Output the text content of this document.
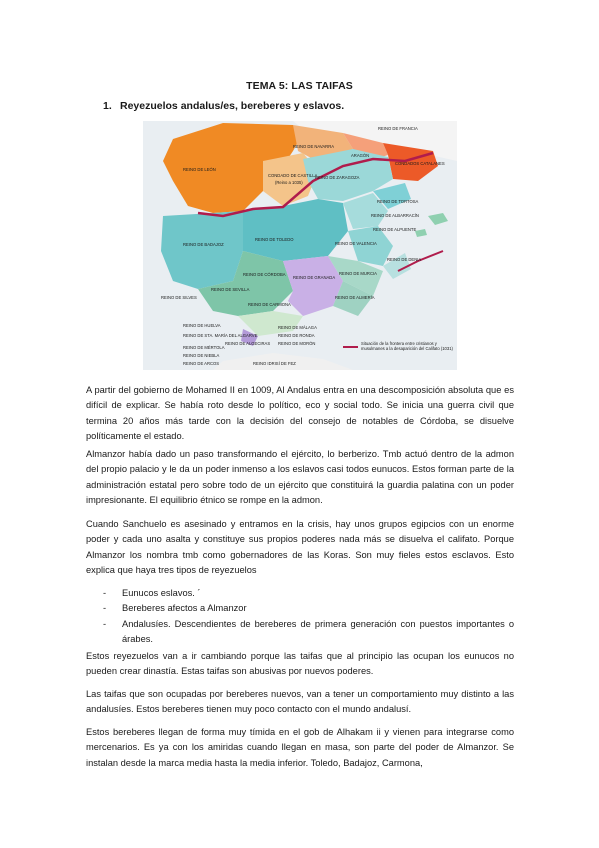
TEMA 5: LAS TAIFAS
1. Reyezuelos andalus/es, bereberes y eslavos.
REINO DE FRANCIA
REINO DE NAVARRA
ARAGÓN
CONDADOS CATALANES
REINO DE LEÓN
CONDADO DE CASTILLA
(Reino a 1035)
REINO DE ZARAGOZA
REINO DE TORTOSA
REINO DE ALBARRACÍN
REINO DE ALPUENTE
REINO DE BADAJOZ
REINO DE TOLEDO
REINO DE VALENCIA
REINO DE DENIA
REINO DE CÓRDOBA
REINO DE SEVILLA
REINO DE CARMONA
REINO DE GRANADA
REINO DE MURCIA
REINO DE ALMERÍA
REINO DE SILVES
REINO DE HUELVA
REINO DE STA. MARÍA DEL ALGARVE
REINO DE MÉRTOLA
REINO DE NIEBLA
REINO DE ARCOS
REINO DE MÁLAGA
REINO DE RONDA
REINO DE MORÓN
REINO DE ALGECIRAS
REINO IDRISÍ DE FEZ
Situación de la frontera entre cristianos y musulmanes a la desaparición del Califato (1031)
A partir del gobierno de Mohamed II en 1009, Al Andalus entra en una descomposición absoluta que es difícil de explicar. Se había roto desde lo político, eco y social todo. Se inicia una guerra civil que termina 20 años más tarde con la decisión del consejo de notables de Córdoba, se disuelve políticamente el estado.
Almanzor había dado un paso transformando el ejército, lo berberizo. Tmb actuó dentro de la admon del propio palacio y le da un poder inmenso a los eslavos casi todos eunucos. Estos forman parte de la administración estatal pero sobre todo de un ejército que constituirá la guardia palatina con un poder impresionante. El equilibrio étnico se rompe en la admon.
Cuando Sanchuelo es asesinado y entramos en la crisis, hay unos grupos egipcios con un enorme poder y cada uno asalta y constituye sus propios poderes nada más se disuelva el califato. Porque Almanzor los nombra tmb como gobernadores de las Koras. Son muy fieles estos esclavos. Esto explica que haya tres tipos de reyezuelos
-	Eunucos eslavos. ´
-	Bereberes afectos a Almanzor
-	Andalusíes. Descendientes de bereberes de primera generación con puestos importantes o árabes.
Estos reyezuelos van a ir cambiando porque las taifas que al principio las ocupan los eunucos no pueden crear dinastía. Estas taifas son abusivas por nuevos poderes.
Las taifas que son ocupadas por bereberes nuevos, van a tener un comportamiento muy distinto a las andalusíes. Estos bereberes tienen muy poco contacto con el mundo andalusí.
Estos bereberes llegan de forma muy tímida en el gob de Alhakam ii y vienen para integrarse como mercenarios. Es ya con los amiridas cuando llegan en masa, son parte del poder de Almanzor. Se instalan desde la marca media hasta la media inferior. Toledo, Badajoz, Carmona,
